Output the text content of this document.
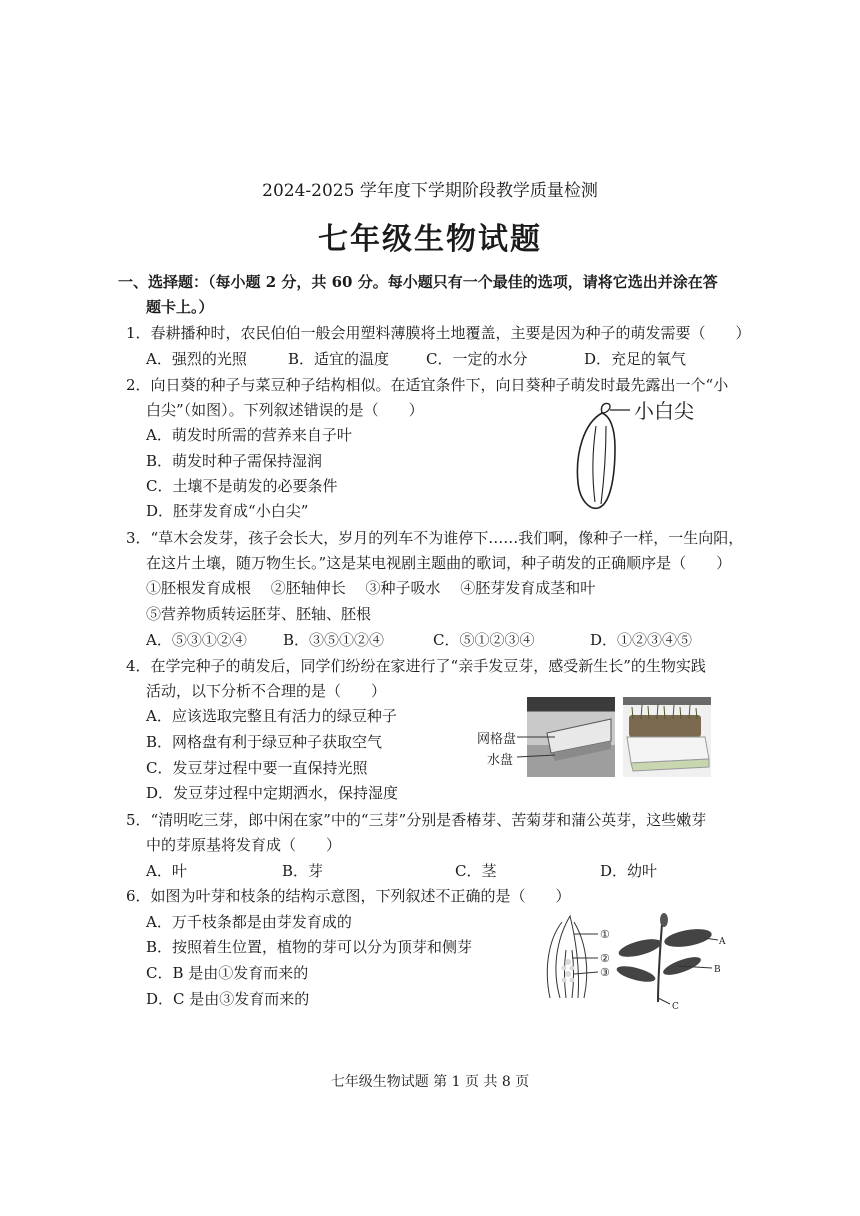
2024-2025 学年度下学期阶段教学质量检测
七年级生物试题
一、选择题：（每小题 2 分，共 60 分。每小题只有一个最佳的选项，请将它选出并涂在答
题卡上。）
1．春耕播种时，农民伯伯一般会用塑料薄膜将土地覆盖，主要是因为种子的萌发需要（　　）
A．强烈的光照	B．适宜的温度 C．一定的水分	D．充足的氧气
2．向日葵的种子与菜豆种子结构相似。在适宜条件下，向日葵种子萌发时最先露出一个“小
白尖”（如图）。下列叙述错误的是（　　）
A．萌发时所需的营养来自子叶
B．萌发时种子需保持湿润
C．土壤不是萌发的必要条件
D．胚芽发育成“小白尖”
小白尖
3．“草木会发芽，孩子会长大，岁月的列车不为谁停下……我们啊，像种子一样，一生向阳，
在这片土壤，随万物生长。”这是某电视剧主题曲的歌词，种子萌发的正确顺序是（　　）
①胚根发育成根　 ②胚轴伸长　 ③种子吸水　 ④胚芽发育成茎和叶
⑤营养物质转运胚芽、胚轴、胚根
A．⑤③①②④ B．③⑤①②④	C．⑤①②③④	D．①②③④⑤
4．在学完种子的萌发后，同学们纷纷在家进行了“亲手发豆芽，感受新生长”的生物实践
活动，以下分析不合理的是（　　）
A．应该选取完整且有活力的绿豆种子
B．网格盘有利于绿豆种子获取空气
C．发豆芽过程中要一直保持光照
D．发豆芽过程中定期洒水，保持湿度
网格盘
水盘
5．“清明吃三芽，郎中闲在家”中的“三芽”分别是香椿芽、苦菊芽和蒲公英芽，这些嫩芽
中的芽原基将发育成（　　）
A．叶	B．芽	C．茎	D．幼叶
6．如图为叶芽和枝条的结构示意图，下列叙述不正确的是（　　）
A．万千枝条都是由芽发育成的
B．按照着生位置，植物的芽可以分为顶芽和侧芽
C．B 是由①发育而来的
D．C 是由③发育而来的
①
②
③
A
B
C
七年级生物试题 第 1 页 共 8 页
